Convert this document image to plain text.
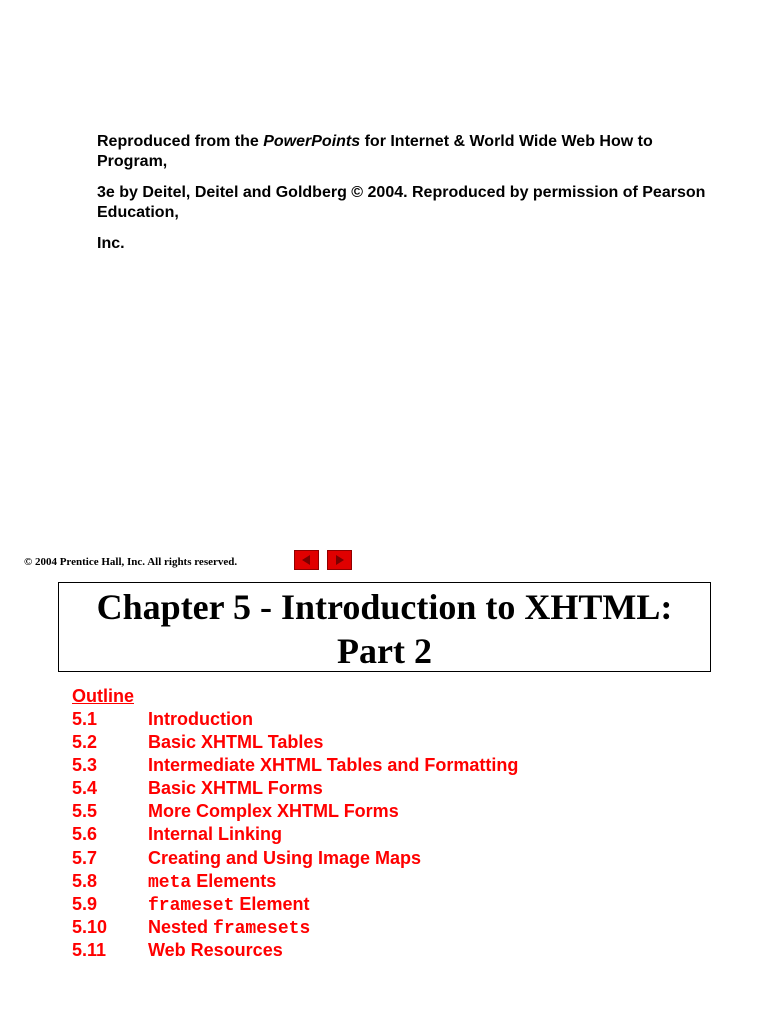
Reproduced from the PowerPoints for Internet & World Wide Web How to Program,

3e by Deitel, Deitel and Goldberg © 2004. Reproduced by permission of Pearson Education,

Inc.

© 2004 Prentice Hall, Inc. All rights reserved.
Chapter 5 - Introduction to XHTML:
Part 2
Outline
5.1	Introduction
5.2	Basic XHTML Tables
5.3	Intermediate XHTML Tables and Formatting
5.4	Basic XHTML Forms
5.5	More Complex XHTML Forms
5.6	Internal Linking
5.7	Creating and Using Image Maps
5.8	meta Elements
5.9	frameset Element
5.10 Nested framesets
5.11 Web Resources
